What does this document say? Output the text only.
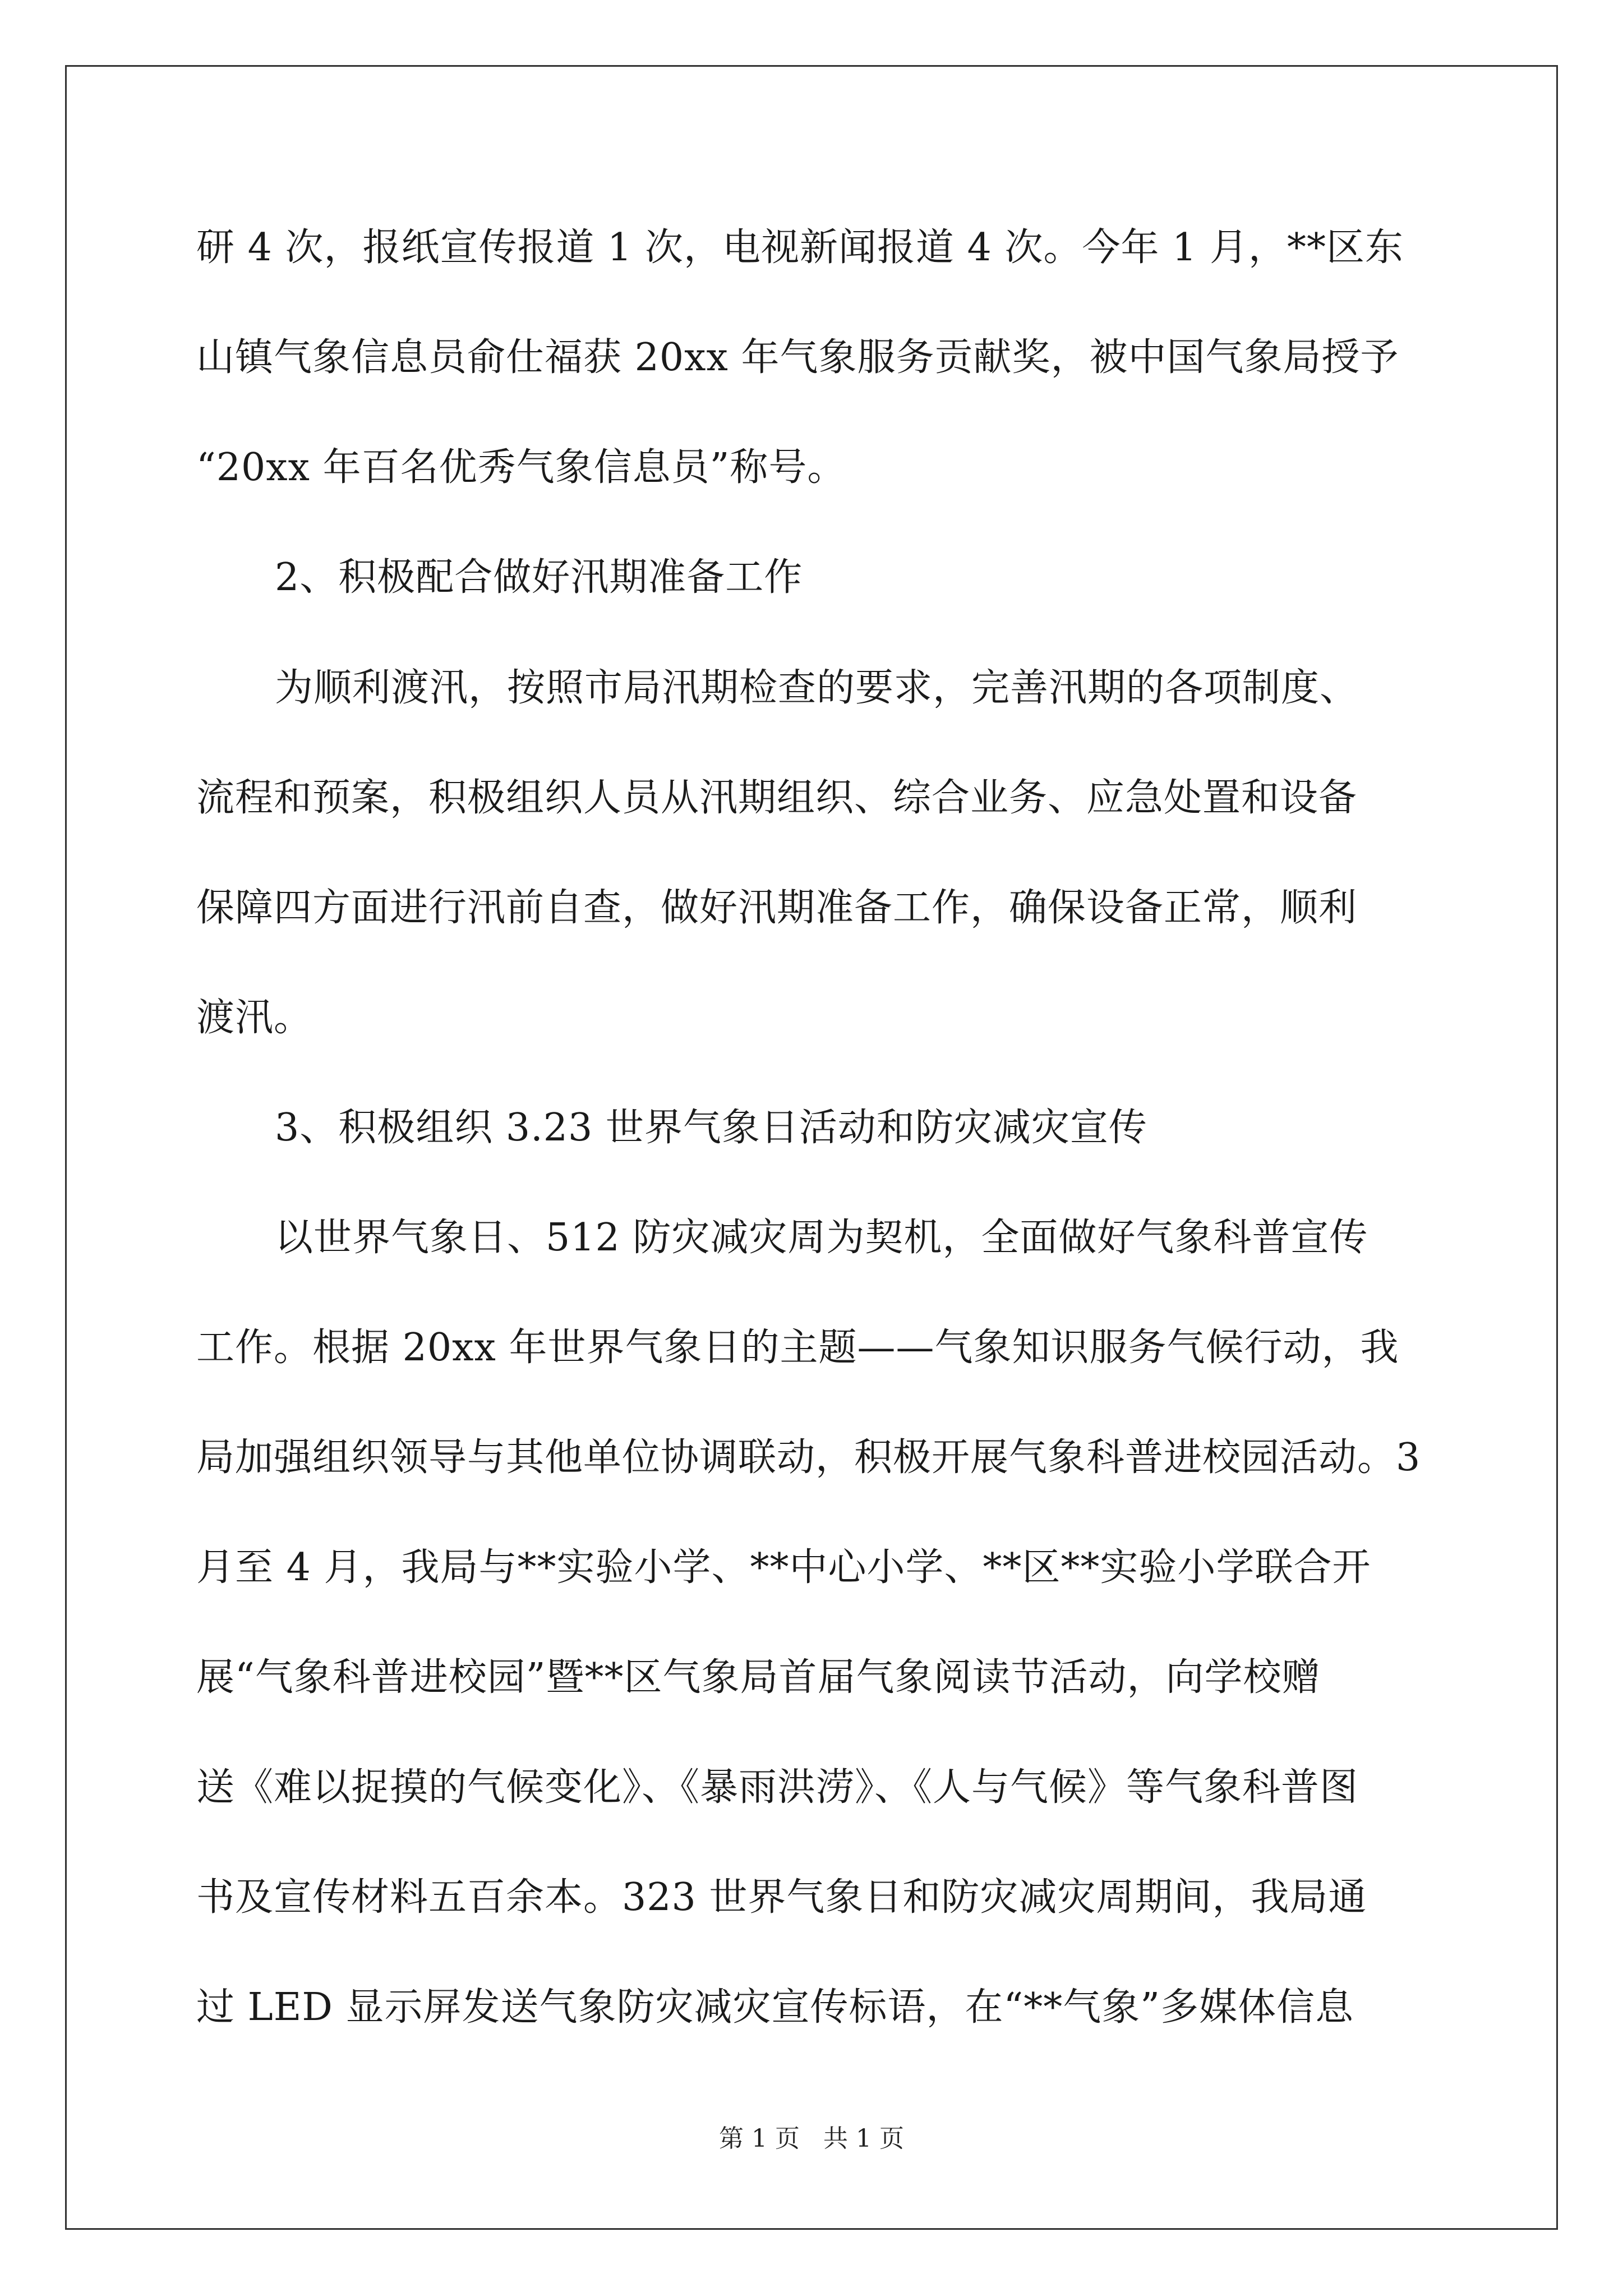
研 4 次，报纸宣传报道 1 次，电视新闻报道 4 次。今年 1 月，**区东
山镇气象信息员俞仕福获 20xx 年气象服务贡献奖，被中国气象局授予
“20xx 年百名优秀气象信息员”称号。
2、积极配合做好汛期准备工作
为顺利渡汛，按照市局汛期检查的要求，完善汛期的各项制度、
流程和预案，积极组织人员从汛期组织、综合业务、应急处置和设备
保障四方面进行汛前自查，做好汛期准备工作，确保设备正常，顺利
渡汛。
3、积极组织 3.23 世界气象日活动和防灾减灾宣传
以世界气象日、512 防灾减灾周为契机，全面做好气象科普宣传
工作。根据 20xx 年世界气象日的主题——气象知识服务气候行动，我
局加强组织领导与其他单位协调联动，积极开展气象科普进校园活动。3
月至 4 月，我局与**实验小学、**中心小学、**区**实验小学联合开
展“气象科普进校园”暨**区气象局首届气象阅读节活动，向学校赠
送《难以捉摸的气候变化》、《暴雨洪涝》、《人与气候》等气象科普图
书及宣传材料五百余本。323 世界气象日和防灾减灾周期间，我局通
过 LED 显示屏发送气象防灾减灾宣传标语，在“**气象”多媒体信息
第 1 页   共 1 页
